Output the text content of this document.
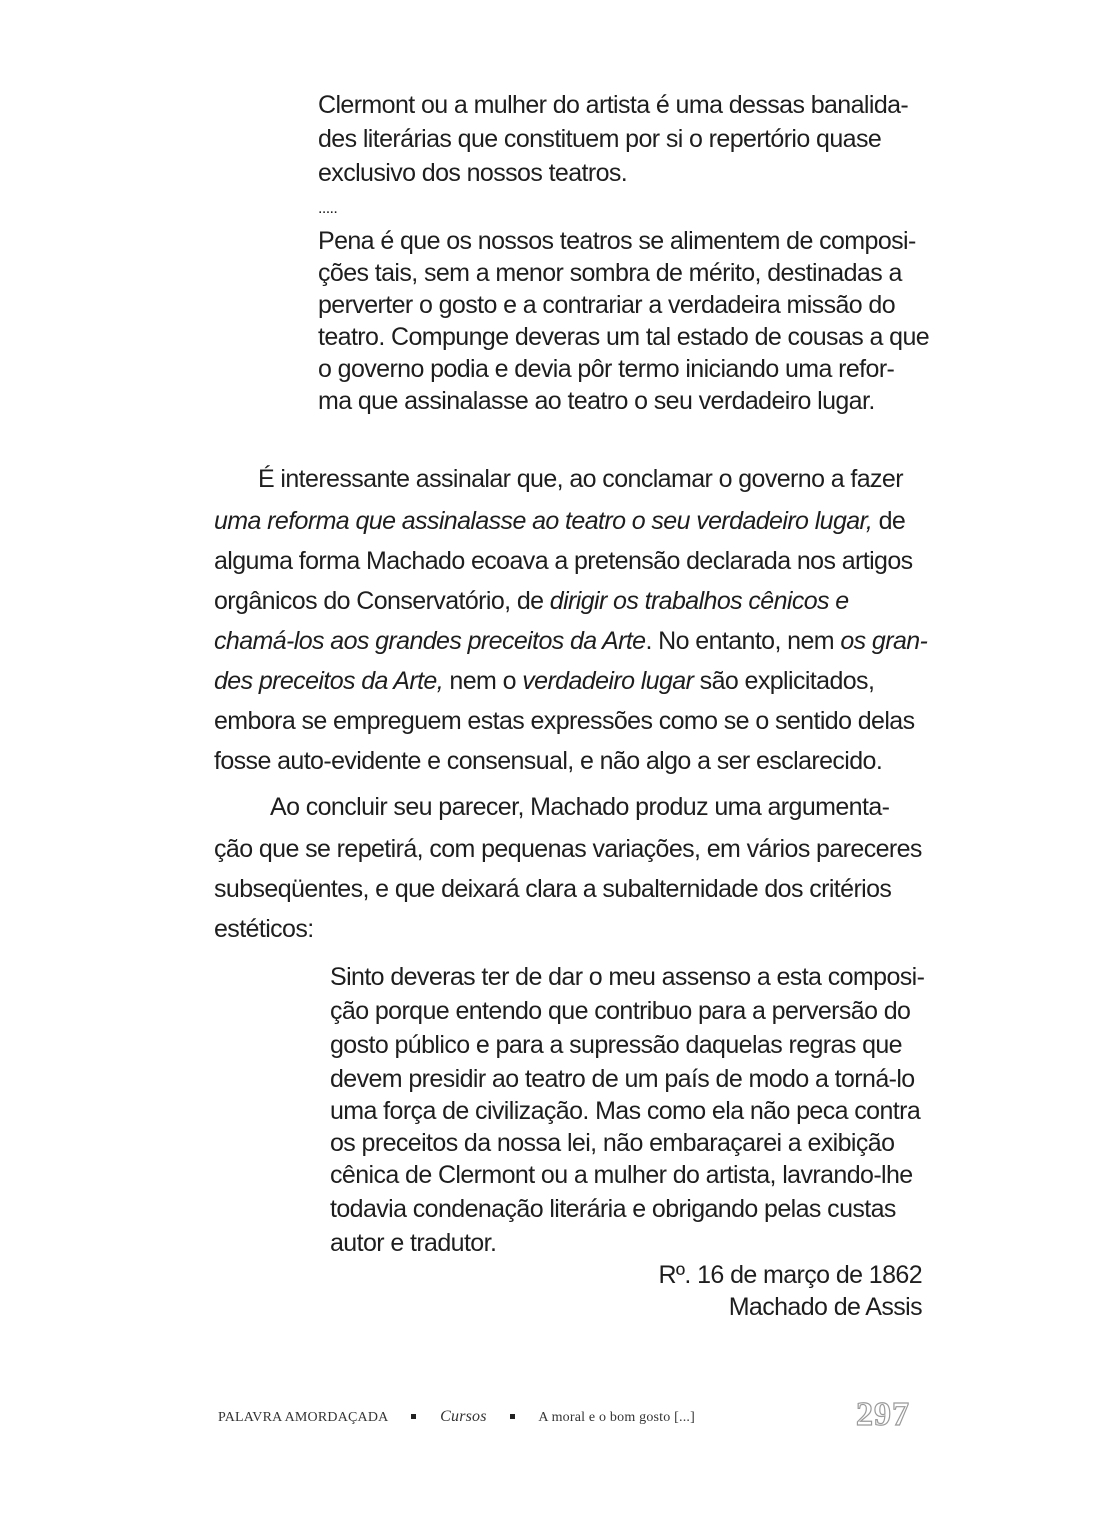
Clermont ou a mulher do artista é uma dessas banalida-
des literárias que constituem por si o repertório quase
exclusivo dos nossos teatros.
.....
Pena é que os nossos teatros se alimentem de composi-
ções tais, sem a menor sombra de mérito, destinadas a
perverter o gosto e a contrariar a verdadeira missão do
teatro. Compunge deveras um tal estado de cousas a que
o governo podia e devia pôr termo iniciando uma refor-
ma que assinalasse ao teatro o seu verdadeiro lugar.
É interessante assinalar que, ao conclamar o governo a fazer
uma reforma que assinalasse ao teatro o seu verdadeiro lugar, de
alguma forma Machado ecoava a pretensão declarada nos artigos
orgânicos do Conservatório, de dirigir os trabalhos cênicos e
chamá-los aos grandes preceitos da Arte. No entanto, nem os gran-
des preceitos da Arte, nem o verdadeiro lugar são explicitados,
embora se empreguem estas expressões como se o sentido delas
fosse auto-evidente e consensual, e não algo a ser esclarecido.
Ao concluir seu parecer, Machado produz uma argumenta-
ção que se repetirá, com pequenas variações, em vários pareceres
subseqüentes, e que deixará clara a subalternidade dos critérios
estéticos:
Sinto deveras ter de dar o meu assenso a esta composi-
ção porque entendo que contribuo para a perversão do
gosto público e para a supressão daquelas regras que
devem presidir ao teatro de um país de modo a torná-lo
uma força de civilização. Mas como ela não peca contra
os preceitos da nossa lei, não embaraçarei a exibição
cênica de Clermont ou a mulher do artista, lavrando-lhe
todavia condenação literária e obrigando pelas custas
autor e tradutor.
Rº. 16 de março de 1862
Machado de Assis
PALAVRA AMORDAÇADA	Cursos	A moral e o bom gosto [...]	297
